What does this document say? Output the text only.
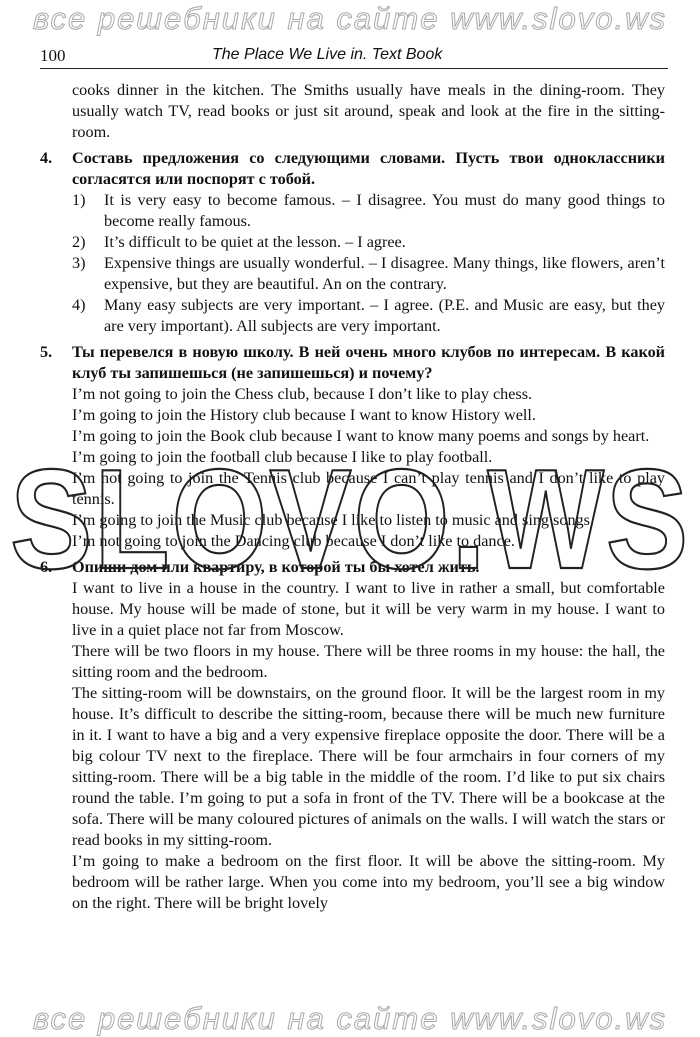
все решебники на сайте www.slovo.ws
100	The Place We Live in. Text Book

cooks dinner in the kitchen. The Smiths usually have meals in the dining-room. They usually watch TV, read books or just sit around, speak and look at the fire in the sitting-room.

4. Составь предложения со следующими словами. Пусть твои одноклассники согласятся или поспорят с тобой.

1) It is very easy to become famous. – I disagree. You must do many good things to become really famous.
2) It’s difficult to be quiet at the lesson. – I agree.
3) Expensive things are usually wonderful. – I disagree. Many things, like flowers, aren’t expensive, but they are beautiful. An on the contrary.
4) Many easy subjects are very important. – I agree. (P.E. and Music are easy, but they are very important). All subjects are very important.
5. Ты перевелся в новую школу. В ней очень много клубов по интересам. В какой клуб ты запишешься (не запишешься) и почему?

I’m not going to join the Chess club, because I don’t like to play chess.

I’m going to join the History club because I want to know History well.

I’m going to join the Book club because I want to know many poems and songs by heart.

I’m going to join the football club because I like to play football.

I’m not going to join the Tennis club because I can’t play tennis and I don’t like to play tennis.

I’m going to join the Music club because I like to listen to music and sing songs.

I’m not going to join the Dancing club because I don’t like to dance.

6. Опиши дом или квартиру, в которой ты бы хотел жить.

I want to live in a house in the country. I want to live in rather a small, but comfortable house. My house will be made of stone, but it will be very warm in my house. I want to live in a quiet place not far from Moscow.

There will be two floors in my house. There will be three rooms in my house: the hall, the sitting room and the bedroom.

The sitting-room will be downstairs, on the ground floor. It will be the largest room in my house. It’s difficult to describe the sitting-room, because there will be much new furniture in it. I want to have a big and a very expensive fireplace opposite the door. There will be a big colour TV next to the fireplace. There will be four armchairs in four corners of my sitting-room. There will be a big table in the middle of the room. I’d like to put six chairs round the table. I’m going to put a sofa in front of the TV. There will be a bookcase at the sofa. There will be many coloured pictures of animals on the walls. I will watch the stars or read books in my sitting-room.

I’m going to make a bedroom on the first floor. It will be above the sitting-room. My bedroom will be rather large. When you come into my bedroom, you’ll see a big window on the right. There will be bright lovely

SLOVO.WS
все решебники на сайте www.slovo.ws
